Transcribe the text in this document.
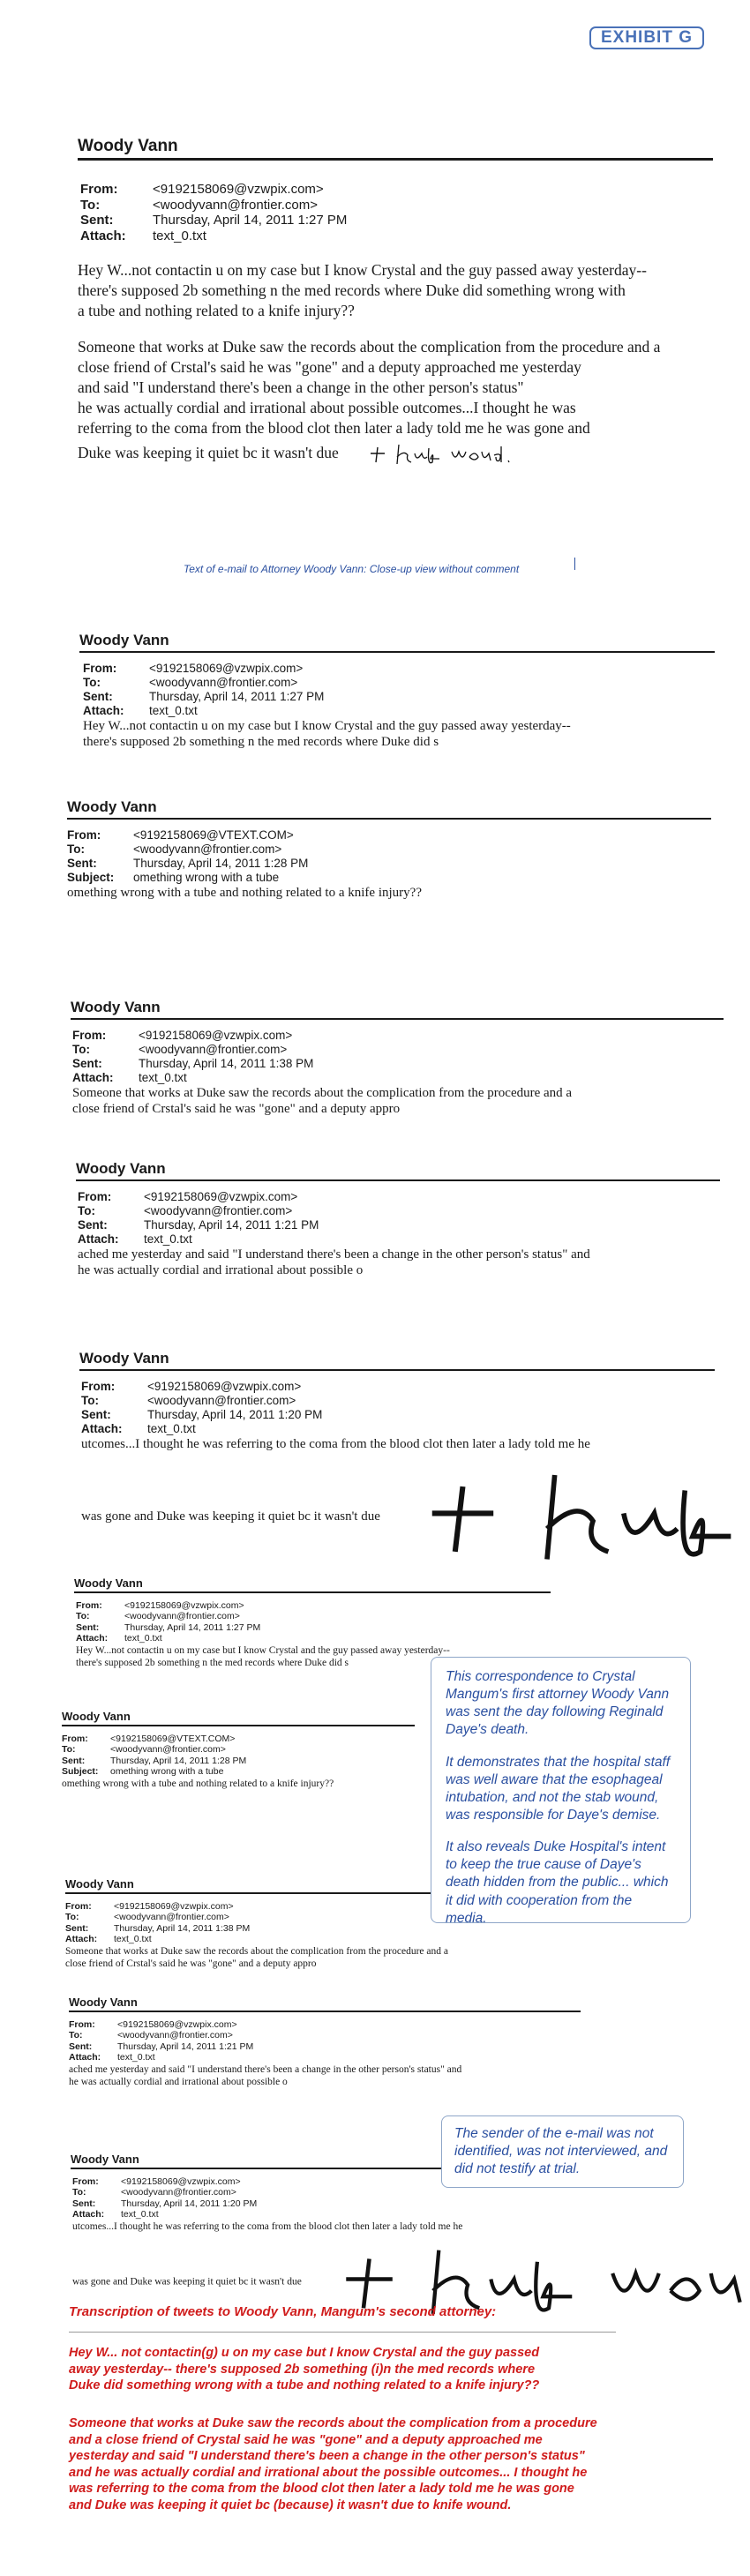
EXHIBIT G
Woody Vann
From:	<9192158069@vzwpix.com>
To:	<woodyvann@frontier.com>
Sent:	Thursday, April 14, 2011 1:27 PM
Attach:	text_0.txt
Hey W...not contactin u on my case but I know Crystal and the guy passed away yesterday--
there's supposed 2b something n the med records where Duke did something wrong with
a tube and nothing related to a knife injury??
Someone that works at Duke saw the records about the complication from the procedure and a
close friend of Crstal's said he was "gone" and a deputy approached me yesterday
and said "I understand there's been a change in the other person's status"
he was actually cordial and irrational about possible outcomes...I thought he was
referring to the coma from the blood clot then later a lady told me he was gone and
Duke was keeping it quiet bc it wasn't due
Text of e-mail to Attorney Woody Vann: Close-up view without comment
Woody Vann
From:	<9192158069@vzwpix.com>
To:	<woodyvann@frontier.com>
Sent:	Thursday, April 14, 2011 1:27 PM
Attach:	text_0.txt
Hey W...not contactin u on my case but I know Crystal and the guy passed away yesterday--
there's supposed 2b something n the med records where Duke did s
Woody Vann
From:	<9192158069@VTEXT.COM>
To:	<woodyvann@frontier.com>
Sent:	Thursday, April 14, 2011 1:28 PM
Subject:	omething wrong with a tube
omething wrong with a tube and nothing related to a knife injury??
Woody Vann
From:	<9192158069@vzwpix.com>
To:	<woodyvann@frontier.com>
Sent:	Thursday, April 14, 2011 1:38 PM
Attach:	text_0.txt
Someone that works at Duke saw the records about the complication from the procedure and a
close friend of Crstal's said he was "gone" and a deputy appro
Woody Vann
From:	<9192158069@vzwpix.com>
To:	<woodyvann@frontier.com>
Sent:	Thursday, April 14, 2011 1:21 PM
Attach:	text_0.txt
ached me yesterday and said "I understand there's been a change in the other person's status" and
he was actually cordial and irrational about possible o
Woody Vann
From:	<9192158069@vzwpix.com>
To:	<woodyvann@frontier.com>
Sent:	Thursday, April 14, 2011 1:20 PM
Attach:	text_0.txt
utcomes...I thought he was referring to the coma from the blood clot then later a lady told me he
was gone and Duke was keeping it quiet bc it wasn't due
Woody Vann
From:	<9192158069@vzwpix.com>
To:	<woodyvann@frontier.com>
Sent:	Thursday, April 14, 2011 1:27 PM
Attach:	text_0.txt
Hey W...not contactin u on my case but I know Crystal and the guy passed away yesterday--
there's supposed 2b something n the med records where Duke did s
Woody Vann
From:	<9192158069@VTEXT.COM>
To:	<woodyvann@frontier.com>
Sent:	Thursday, April 14, 2011 1:28 PM
Subject:	omething wrong with a tube
omething wrong with a tube and nothing related to a knife injury??
Woody Vann
From:	<9192158069@vzwpix.com>
To:	<woodyvann@frontier.com>
Sent:	Thursday, April 14, 2011 1:38 PM
Attach:	text_0.txt
Someone that works at Duke saw the records about the complication from the procedure and a
close friend of Crstal's said he was "gone" and a deputy appro
Woody Vann
From:	<9192158069@vzwpix.com>
To:	<woodyvann@frontier.com>
Sent:	Thursday, April 14, 2011 1:21 PM
Attach:	text_0.txt
ached me yesterday and said "I understand there's been a change in the other person's status" and
he was actually cordial and irrational about possible o
Woody Vann
From:	<9192158069@vzwpix.com>
To:	<woodyvann@frontier.com>
Sent:	Thursday, April 14, 2011 1:20 PM
Attach:	text_0.txt
utcomes...I thought he was referring to the coma from the blood clot then later a lady told me he
was gone and Duke was keeping it quiet bc it wasn't due

This correspondence to Crystal Mangum's first attorney Woody Vann was sent the day following Reginald Daye's death.

It demonstrates that the hospital staff was well aware that the esophageal intubation, and not the stab wound, was responsible for Daye's demise.

It also reveals Duke Hospital's intent to keep the true cause of Daye's death hidden from the public... which it did with cooperation from the media.

The sender of the e-mail was not identified, was not interviewed, and did not testify at trial.

Transcription of tweets to Woody Vann, Mangum's second attorney:
Hey W... not contactin(g) u on my case but I know Crystal and the guy passed
away yesterday-- there's supposed 2b something (i)n the med records where
Duke did something wrong with a tube and nothing related to a knife injury??
Someone that works at Duke saw the records about the complication from a procedure
and a close friend of Crystal said he was "gone" and a deputy approached me
yesterday and said "I understand there's been a change in the other person's status"
and he was actually cordial and irrational about the possible outcomes... I thought he
was referring to the coma from the blood clot then later a lady told me he was gone
and Duke was keeping it quiet bc (because) it wasn't due to knife wound.
